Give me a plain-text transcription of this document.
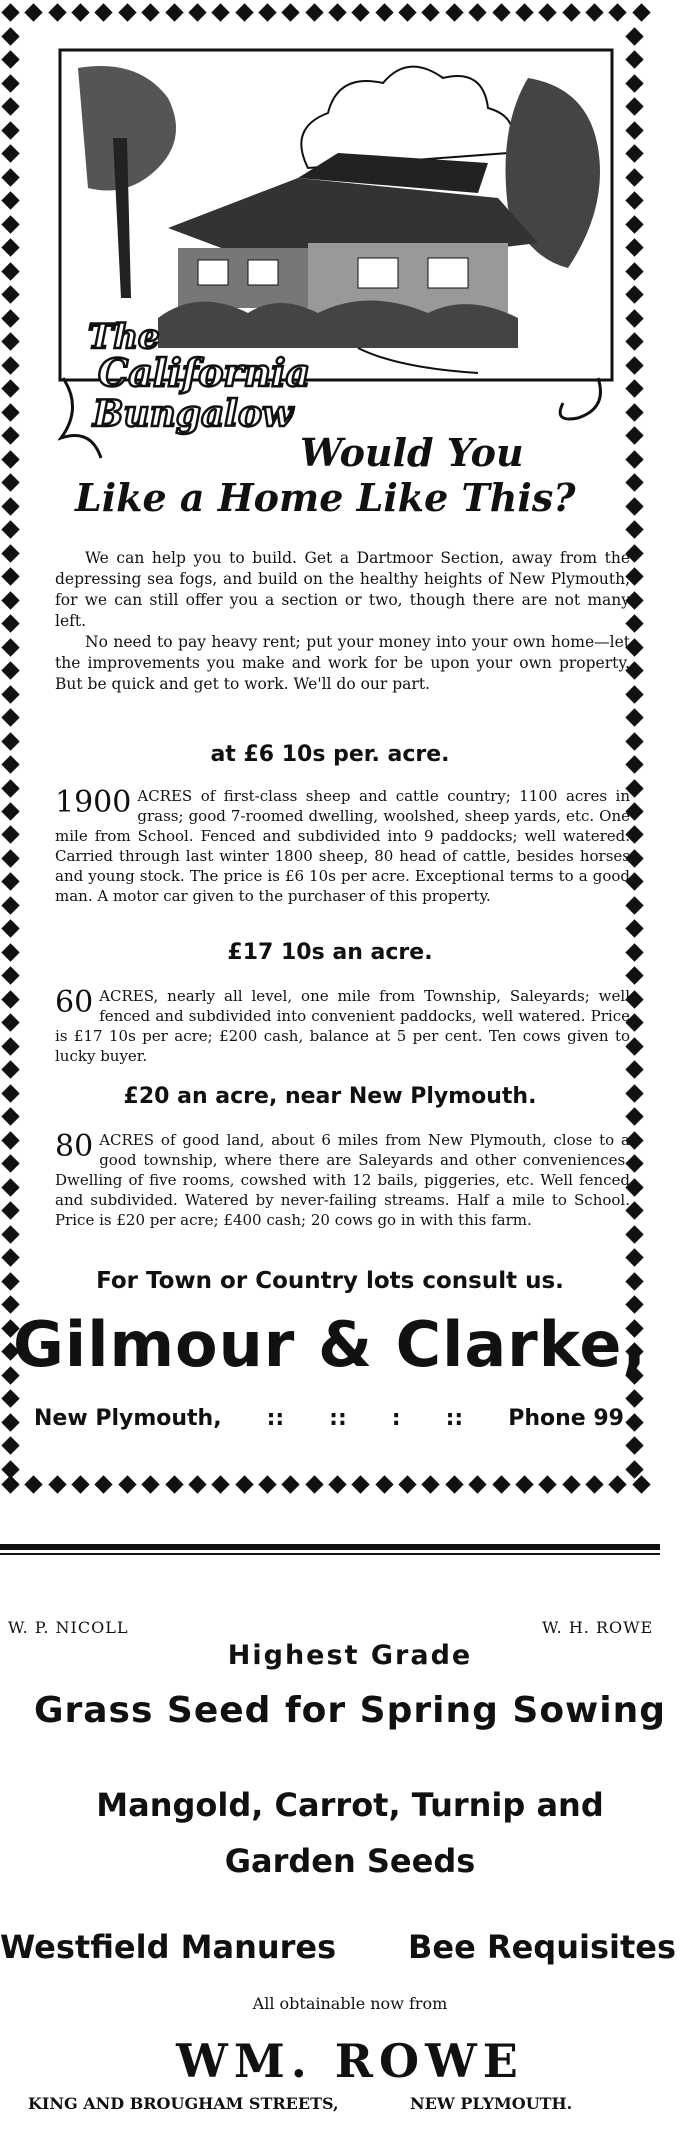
The
California
Bungalow
Would You
Like a Home Like This?

We can help you to build. Get a Dartmoor Section, away from the depressing sea fogs, and build on the healthy heights of New Plymouth, for we can still offer you a section or two, though there are not many left.

No need to pay heavy rent; put your money into your own home—let the improvements you make and work for be upon your own property. But be quick and get to work. We'll do our part.

at £6 10s per. acre.
1900 ACRES of first-class sheep and cattle country; 1100 acres in grass; good 7-roomed dwelling, woolshed, sheep yards, etc. One mile from School. Fenced and subdivided into 9 paddocks; well watered. Carried through last winter 1800 sheep, 80 head of cattle, besides horses and young stock. The price is £6 10s per acre. Exceptional terms to a good man. A motor car given to the purchaser of this property.
£17 10s an acre.
60 ACRES, nearly all level, one mile from Township, Saleyards; well fenced and subdivided into convenient paddocks, well watered. Price is £17 10s per acre; £200 cash, balance at 5 per cent. Ten cows given to lucky buyer.
£20 an acre, near New Plymouth.
80 ACRES of good land, about 6 miles from New Plymouth, close to a good township, where there are Saleyards and other conveniences. Dwelling of five rooms, cowshed with 12 bails, piggeries, etc. Well fenced and subdivided. Watered by never-failing streams. Half a mile to School. Price is £20 per acre; £400 cash; 20 cows go in with this farm.
For Town or Country lots consult us.
Gilmour & Clarke,
New Plymouth, :: :: : :: Phone 99
W. P. NICOLL	W. H. ROWE
Highest Grade
Grass Seed for Spring Sowing
Mangold, Carrot, Turnip and
Garden Seeds
Westfield Manures Bee Requisites
All obtainable now from
WM. ROWE
KING AND BROUGHAM STREETS,	NEW PLYMOUTH.
